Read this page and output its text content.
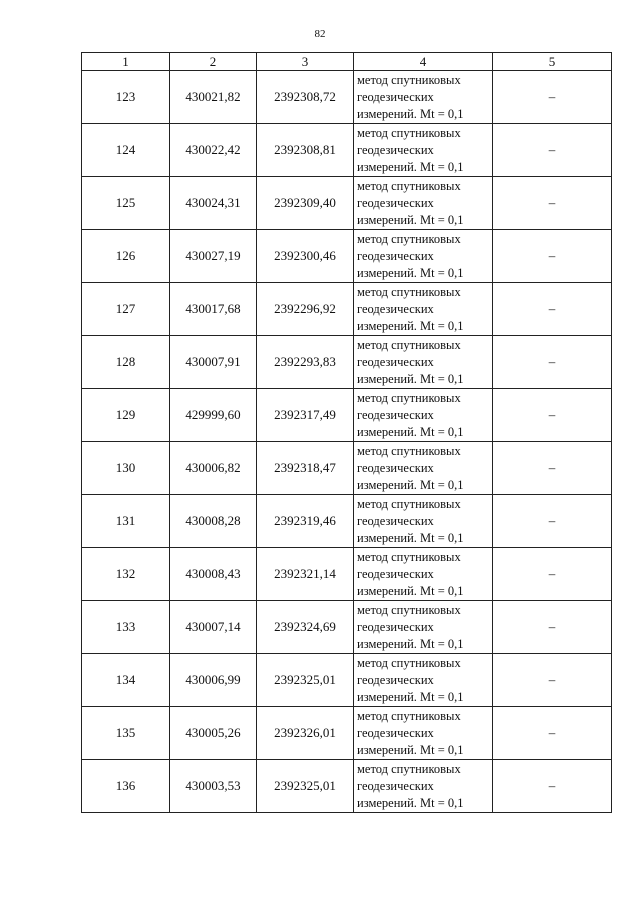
82
1	2	3	4	5
123	430021,82	2392308,72	метод спутниковых
геодезических
измерений. Mt = 0,1	–
124	430022,42	2392308,81	метод спутниковых
геодезических
измерений. Mt = 0,1	–
125	430024,31	2392309,40	метод спутниковых
геодезических
измерений. Mt = 0,1	–
126	430027,19	2392300,46	метод спутниковых
геодезических
измерений. Mt = 0,1	–
127	430017,68	2392296,92	метод спутниковых
геодезических
измерений. Mt = 0,1	–
128	430007,91	2392293,83	метод спутниковых
геодезических
измерений. Mt = 0,1	–
129	429999,60	2392317,49	метод спутниковых
геодезических
измерений. Mt = 0,1	–
130	430006,82	2392318,47	метод спутниковых
геодезических
измерений. Mt = 0,1	–
131	430008,28	2392319,46	метод спутниковых
геодезических
измерений. Mt = 0,1	–
132	430008,43	2392321,14	метод спутниковых
геодезических
измерений. Mt = 0,1	–
133	430007,14	2392324,69	метод спутниковых
геодезических
измерений. Mt = 0,1	–
134	430006,99	2392325,01	метод спутниковых
геодезических
измерений. Mt = 0,1	–
135	430005,26	2392326,01	метод спутниковых
геодезических
измерений. Mt = 0,1	–
136	430003,53	2392325,01	метод спутниковых
геодезических
измерений. Mt = 0,1	–
